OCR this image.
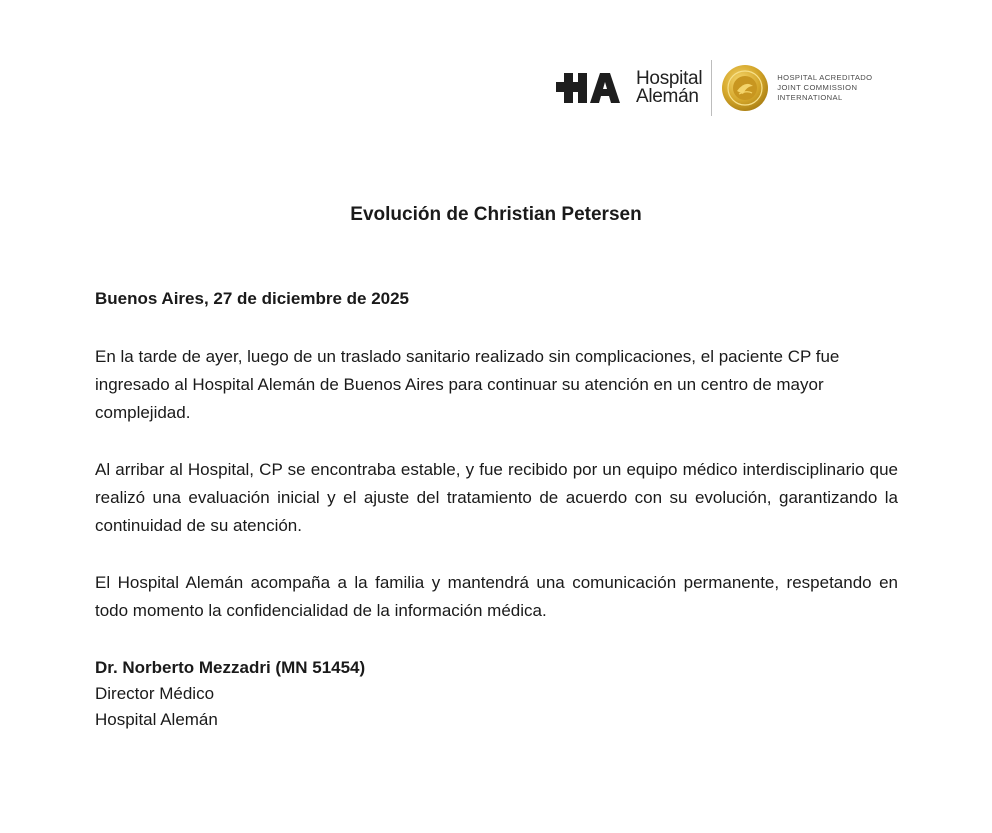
Hospital
Alemán
HOSPITAL ACREDITADO
JOINT COMMISSION
INTERNATIONAL
Evolución de Christian Petersen

Buenos Aires, 27 de diciembre de 2025

En la tarde de ayer, luego de un traslado sanitario realizado sin complicaciones, el paciente CP fue ingresado al Hospital Alemán de Buenos Aires para continuar su atención en un centro de mayor complejidad.

Al arribar al Hospital, CP se encontraba estable, y fue recibido por un equipo médico interdisciplinario que realizó una evaluación inicial y el ajuste del tratamiento de acuerdo con su evolución, garantizando la continuidad de su atención.

El Hospital Alemán acompaña a la familia y mantendrá una comunicación permanente, respetando en todo momento la confidencialidad de la información médica.

Dr. Norberto Mezzadri (MN 51454)
Director Médico
Hospital Alemán
